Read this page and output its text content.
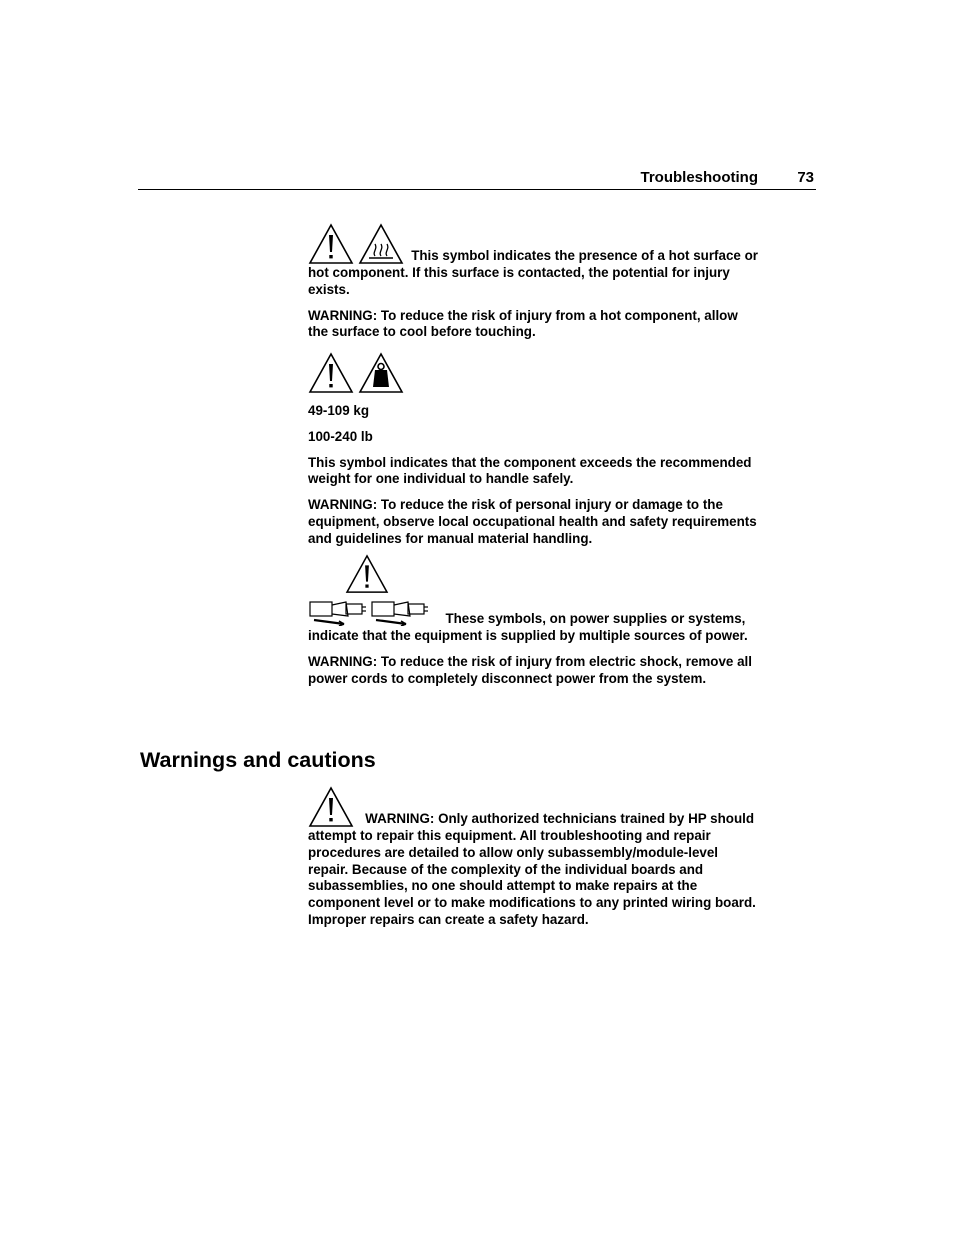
Troubleshooting	73

This symbol indicates the presence of a hot surface or hot component. If this surface is contacted, the potential for injury exists.

WARNING: To reduce the risk of injury from a hot component, allow the surface to cool before touching.

49-109 kg

100-240 lb

This symbol indicates that the component exceeds the recommended weight for one individual to handle safely.

WARNING: To reduce the risk of personal injury or damage to the equipment, observe local occupational health and safety requirements and guidelines for manual material handling.

These symbols, on power supplies or systems, indicate that the equipment is supplied by multiple sources of power.

WARNING: To reduce the risk of injury from electric shock, remove all power cords to completely disconnect power from the system.

Warnings and cautions

WARNING: Only authorized technicians trained by HP should attempt to repair this equipment. All troubleshooting and repair procedures are detailed to allow only subassembly/module-level repair. Because of the complexity of the individual boards and subassemblies, no one should attempt to make repairs at the component level or to make modifications to any printed wiring board. Improper repairs can create a safety hazard.
